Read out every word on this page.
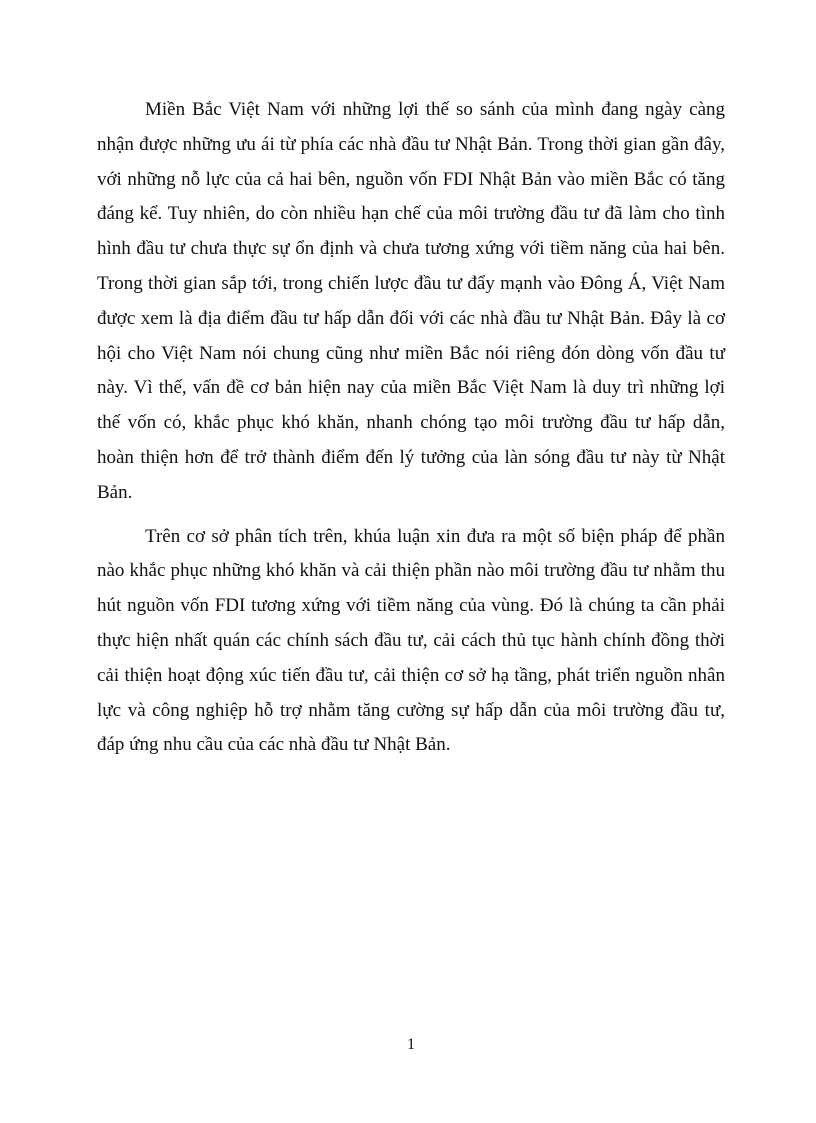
Miền Bắc Việt Nam với những lợi thế so sánh của mình đang ngày càng nhận được những ưu ái từ phía các nhà đầu tư Nhật Bản. Trong thời gian gần đây, với những nỗ lực của cả hai bên, nguồn vốn FDI Nhật Bản vào miền Bắc có tăng đáng kể. Tuy nhiên, do còn nhiều hạn chế của môi trường đầu tư đã làm cho tình hình đầu tư chưa thực sự ổn định và chưa tương xứng với tiềm năng của hai bên. Trong thời gian sắp tới, trong chiến lược đầu tư đẩy mạnh vào Đông Á, Việt Nam được xem là địa điểm đầu tư hấp dẫn đối với các nhà đầu tư Nhật Bản. Đây là cơ hội cho Việt Nam nói chung cũng như miền Bắc nói riêng đón dòng vốn đầu tư này. Vì thế, vấn đề cơ bản hiện nay của miền Bắc Việt Nam là duy trì những lợi thế vốn có, khắc phục khó khăn, nhanh chóng tạo môi trường đầu tư hấp dẫn, hoàn thiện hơn để trở thành điểm đến lý tưởng của làn sóng đầu tư này từ Nhật Bản.

Trên cơ sở phân tích trên, khúa luận xin đưa ra một số biện pháp để phần nào khắc phục những khó khăn và cải thiện phần nào môi trường đầu tư nhằm thu hút nguồn vốn FDI tương xứng với tiềm năng của vùng. Đó là chúng ta cần phải thực hiện nhất quán các chính sách đầu tư, cải cách thủ tục hành chính đồng thời cải thiện hoạt động xúc tiến đầu tư, cải thiện cơ sở hạ tầng, phát triển nguồn nhân lực và công nghiệp hỗ trợ nhằm tăng cường sự hấp dẫn của môi trường đầu tư, đáp ứng nhu cầu của các nhà đầu tư Nhật Bản.

1
